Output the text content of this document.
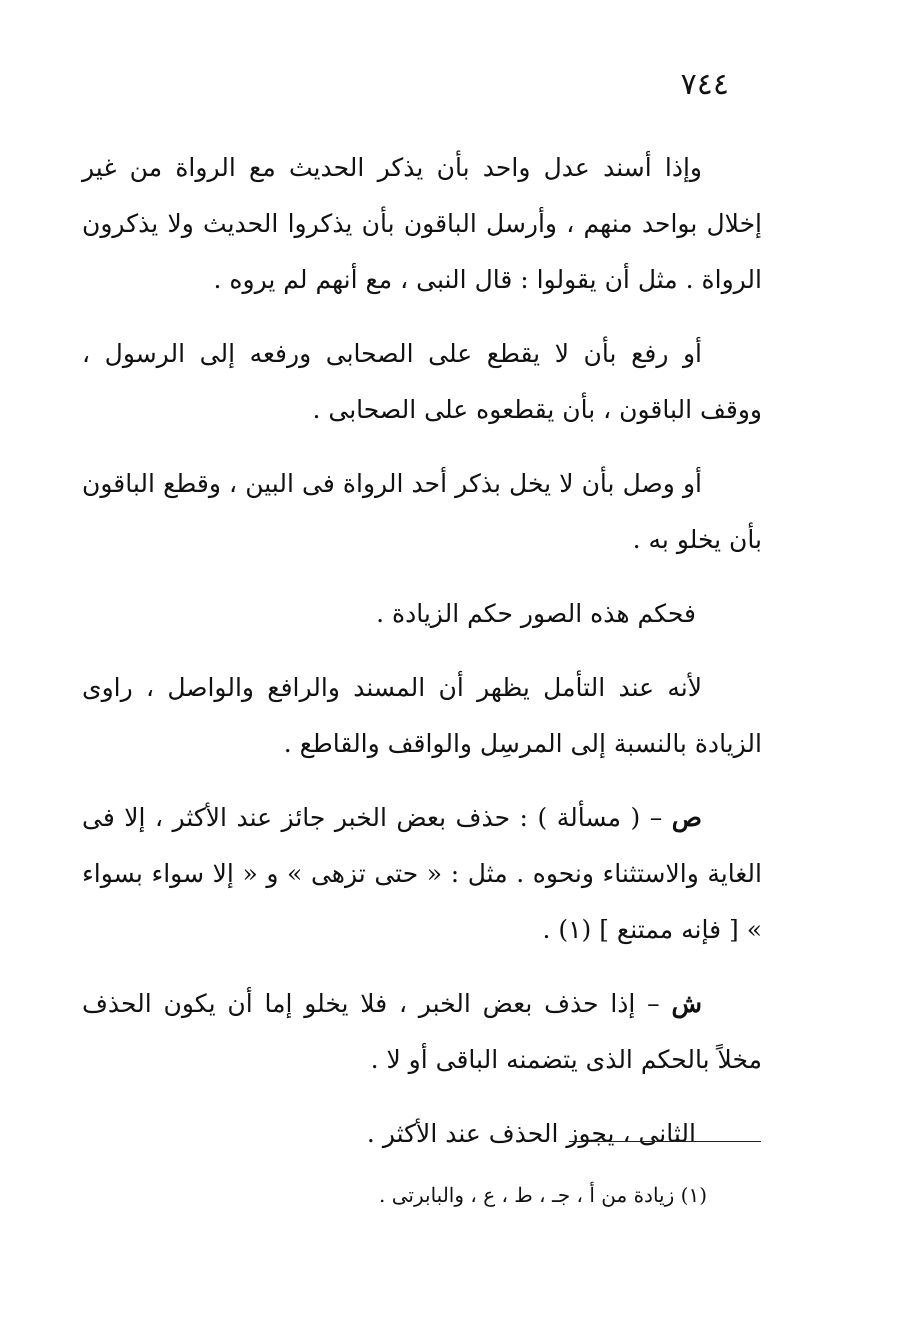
٧٤٤

وإذا أسند عدل واحد بأن يذكر الحديث مع الرواة من غير إخلال بواحد منهم ، وأرسل الباقون بأن يذكروا الحديث ولا يذكرون الرواة . مثل أن يقولوا : قال النبى ، مع أنهم لم يروه .

أو رفع بأن لا يقطع على الصحابى ورفعه إلى الرسول ، ووقف الباقون ، بأن يقطعوه على الصحابى .

أو وصل بأن لا يخل بذكر أحد الرواة فى البين ، وقطع الباقون بأن يخلو به .

فحكم هذه الصور حكم الزيادة .

لأنه عند التأمل يظهر أن المسند والرافع والواصل ، راوى الزيادة بالنسبة إلى المرسِل والواقف والقاطع .

ص – ( مسألة ) : حذف بعض الخبر جائز عند الأكثر ، إلا فى الغاية والاستثناء ونحوه . مثل : « حتى تزهى » و « إلا سواء بسواء » [ فإنه ممتنع ] (١) .

ش – إذا حذف بعض الخبر ، فلا يخلو إما أن يكون الحذف مخلاً بالحكم الذى يتضمنه الباقى أو لا .

الثانى ، يجوز الحذف عند الأكثر .

(١) زيادة من أ ، جـ ، ط ، ع ، والبابرتى .
